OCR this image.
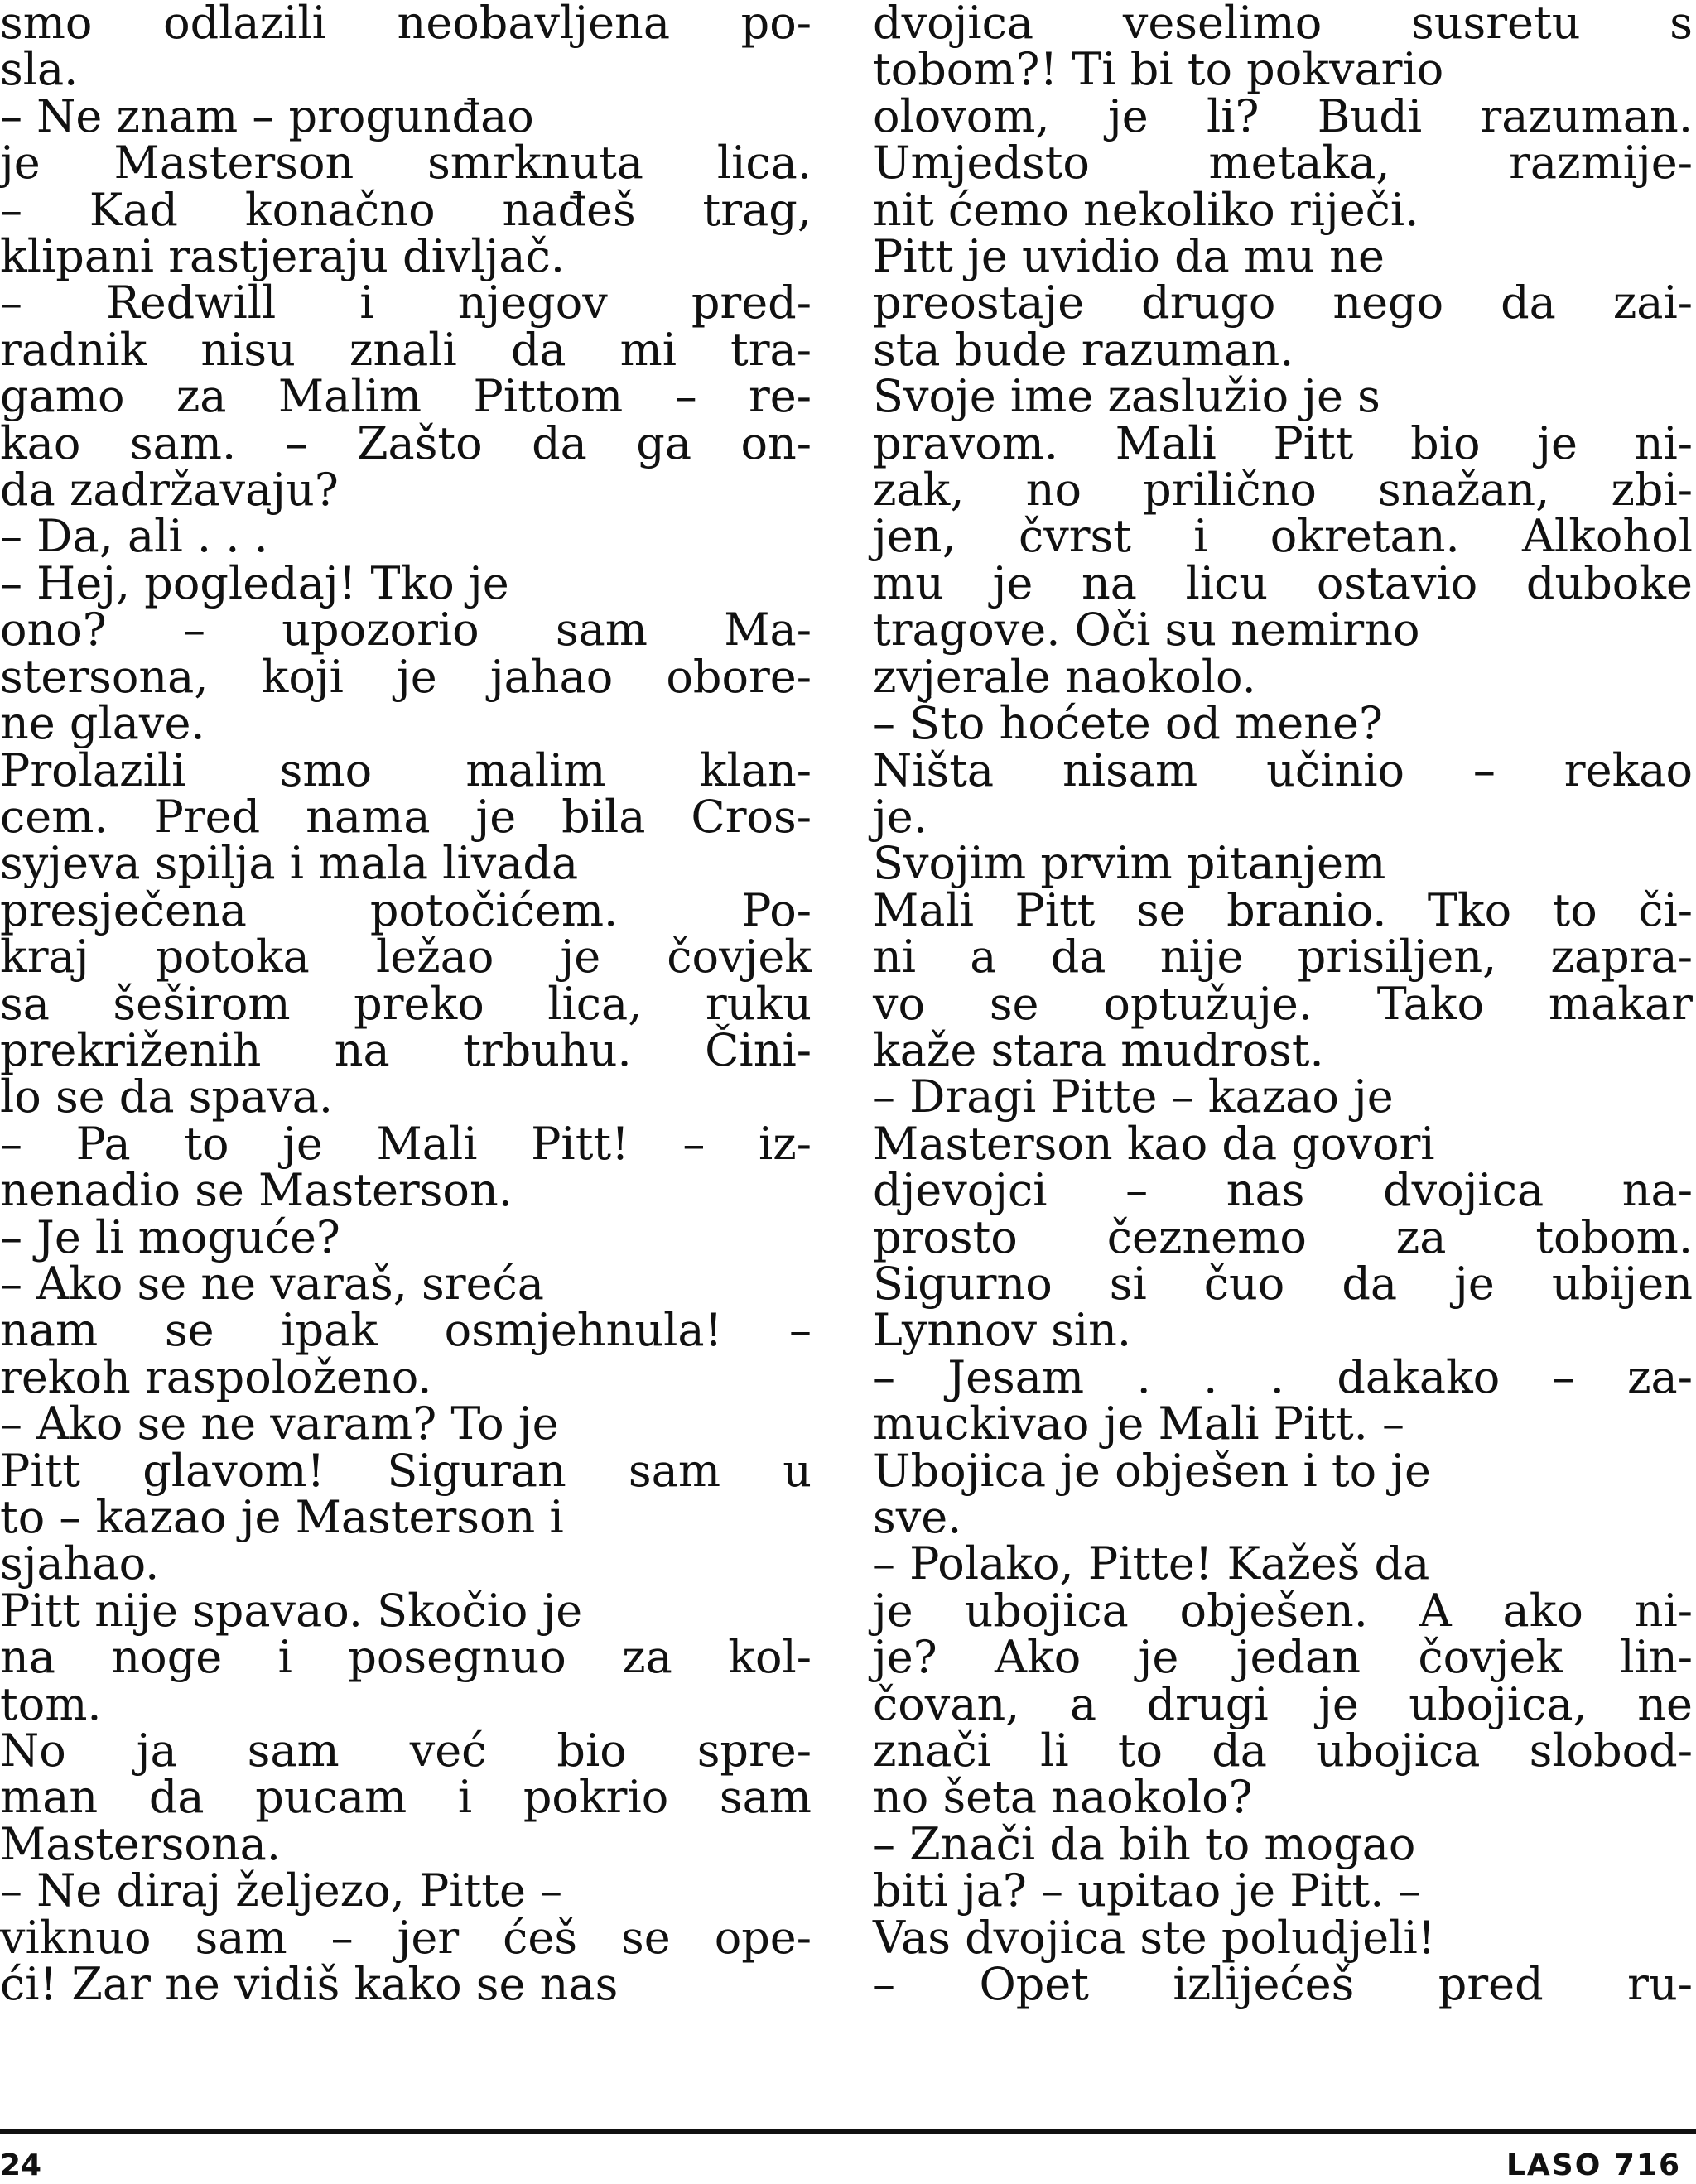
smo odlazili neobavljena po-
sla.
– Ne znam – progunđao
je Masterson smrknuta lica.
– Kad konačno nađeš trag,
klipani rastjeraju divljač.
– Redwill i njegov pred-
radnik nisu znali da mi tra-
gamo za Malim Pittom – re-
kao sam. – Zašto da ga on-
da zadržavaju?
– Da, ali . . .
– Hej, pogledaj! Tko je
ono? – upozorio sam Ma-
stersona, koji je jahao obore-
ne glave.
Prolazili smo malim klan-
cem. Pred nama je bila Cros-
syjeva spilja i mala livada
presječena potočićem. Po-
kraj potoka ležao je čovjek
sa šeširom preko lica, ruku
prekriženih na trbuhu. Čini-
lo se da spava.
– Pa to je Mali Pitt! – iz-
nenadio se Masterson.
– Je li moguće?
– Ako se ne varaš, sreća
nam se ipak osmjehnula! –
rekoh raspoloženo.
– Ako se ne varam? To je
Pitt glavom! Siguran sam u
to – kazao je Masterson i
sjahao.
Pitt nije spavao. Skočio je
na noge i posegnuo za kol-
tom.
No ja sam već bio spre-
man da pucam i pokrio sam
Mastersona.
– Ne diraj željezo, Pitte –
viknuo sam – jer ćeš se ope-
ći! Zar ne vidiš kako se nas
dvojica veselimo susretu s
tobom?! Ti bi to pokvario
olovom, je li? Budi razuman.
Umjedsto metaka, razmije-
nit ćemo nekoliko riječi.
Pitt je uvidio da mu ne
preostaje drugo nego da zai-
sta bude razuman.
Svoje ime zaslužio je s
pravom. Mali Pitt bio je ni-
zak, no prilično snažan, zbi-
jen, čvrst i okretan. Alkohol
mu je na licu ostavio duboke
tragove. Oči su nemirno
zvjerale naokolo.
– Što hoćete od mene?
Ništa nisam učinio – rekao
je.
Svojim prvim pitanjem
Mali Pitt se branio. Tko to či-
ni a da nije prisiljen, zapra-
vo se optužuje. Tako makar
kaže stara mudrost.
– Dragi Pitte – kazao je
Masterson kao da govori
djevojci – nas dvojica na-
prosto čeznemo za tobom.
Sigurno si čuo da je ubijen
Lynnov sin.
– Jesam . . . dakako – za-
muckivao je Mali Pitt. –
Ubojica je obješen i to je
sve.
– Polako, Pitte! Kažeš da
je ubojica obješen. A ako ni-
je? Ako je jedan čovjek lin-
čovan, a drugi je ubojica, ne
znači li to da ubojica slobod-
no šeta naokolo?
– Znači da bih to mogao
biti ja? – upitao je Pitt. –
Vas dvojica ste poludjeli!
– Opet izlijećeš pred ru-
24	LASO 716
